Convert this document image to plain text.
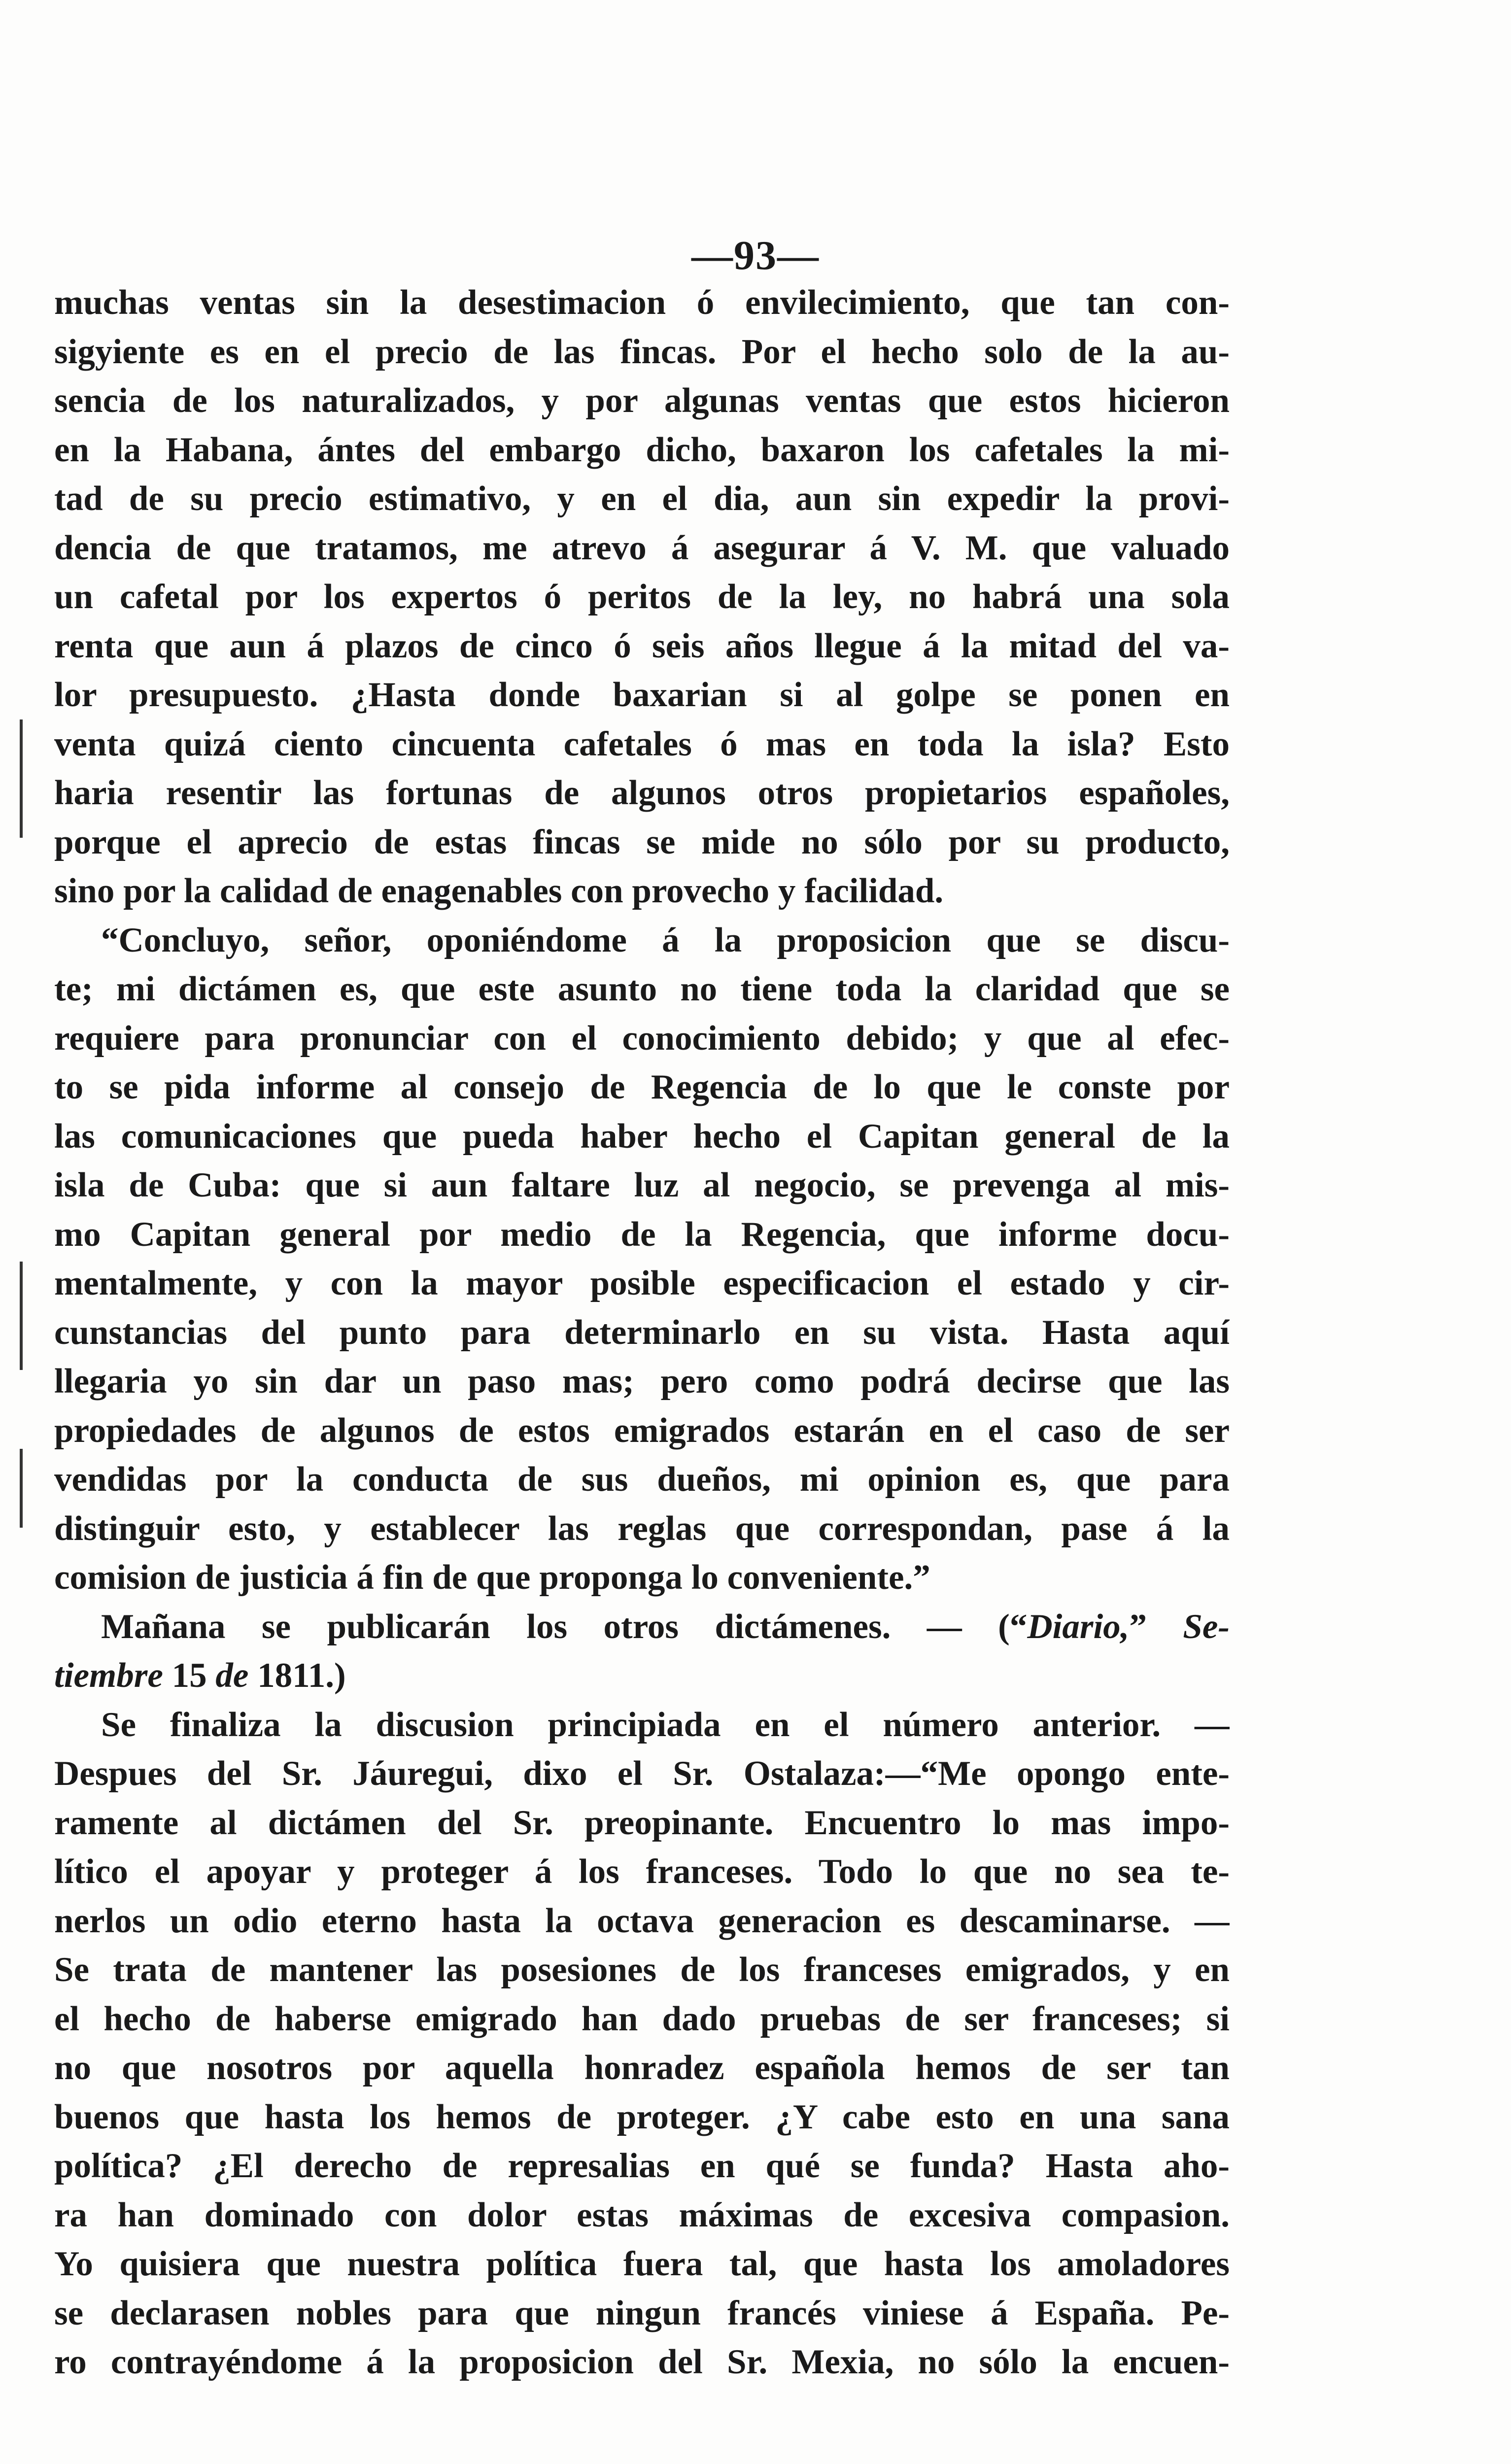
—93—
muchas ventas sin la desestimacion ó envilecimiento, que tan con-
sigyiente es en el precio de las fincas. Por el hecho solo de la au-
sencia de los naturalizados, y por algunas ventas que estos hicieron
en la Habana, ántes del embargo dicho, baxaron los cafetales la mi-
tad de su precio estimativo, y en el dia, aun sin expedir la provi-
dencia de que tratamos, me atrevo á asegurar á V. M. que valuado
un cafetal por los expertos ó peritos de la ley, no habrá una sola
renta que aun á plazos de cinco ó seis años llegue á la mitad del va-
lor presupuesto. ¿Hasta donde baxarian si al golpe se ponen en
venta quizá ciento cincuenta cafetales ó mas en toda la isla? Esto
haria resentir las fortunas de algunos otros propietarios españoles,
porque el aprecio de estas fincas se mide no sólo por su producto,
sino por la calidad de enagenables con provecho y facilidad.
“Concluyo, señor, oponiéndome á la proposicion que se discu-
te; mi dictámen es, que este asunto no tiene toda la claridad que se
requiere para pronunciar con el conocimiento debido; y que al efec-
to se pida informe al consejo de Regencia de lo que le conste por
las comunicaciones que pueda haber hecho el Capitan general de la
isla de Cuba: que si aun faltare luz al negocio, se prevenga al mis-
mo Capitan general por medio de la Regencia, que informe docu-
mentalmente, y con la mayor posible especificacion el estado y cir-
cunstancias del punto para determinarlo en su vista. Hasta aquí
llegaria yo sin dar un paso mas; pero como podrá decirse que las
propiedades de algunos de estos emigrados estarán en el caso de ser
vendidas por la conducta de sus dueños, mi opinion es, que para
distinguir esto, y establecer las reglas que correspondan, pase á la
comision de justicia á fin de que proponga lo conveniente.”
Mañana se publicarán los otros dictámenes. — (“Diario,” Se-
tiembre 15 de 1811.)
Se finaliza la discusion principiada en el número anterior. —
Despues del Sr. Jáuregui, dixo el Sr. Ostalaza:—“Me opongo ente-
ramente al dictámen del Sr. preopinante. Encuentro lo mas impo-
lítico el apoyar y proteger á los franceses. Todo lo que no sea te-
nerlos un odio eterno hasta la octava generacion es descaminarse. —
Se trata de mantener las posesiones de los franceses emigrados, y en
el hecho de haberse emigrado han dado pruebas de ser franceses; si
no que nosotros por aquella honradez española hemos de ser tan
buenos que hasta los hemos de proteger. ¿Y cabe esto en una sana
política? ¿El derecho de represalias en qué se funda? Hasta aho-
ra han dominado con dolor estas máximas de excesiva compasion.
Yo quisiera que nuestra política fuera tal, que hasta los amoladores
se declarasen nobles para que ningun francés viniese á España. Pe-
ro contrayéndome á la proposicion del Sr. Mexia, no sólo la encuen-
